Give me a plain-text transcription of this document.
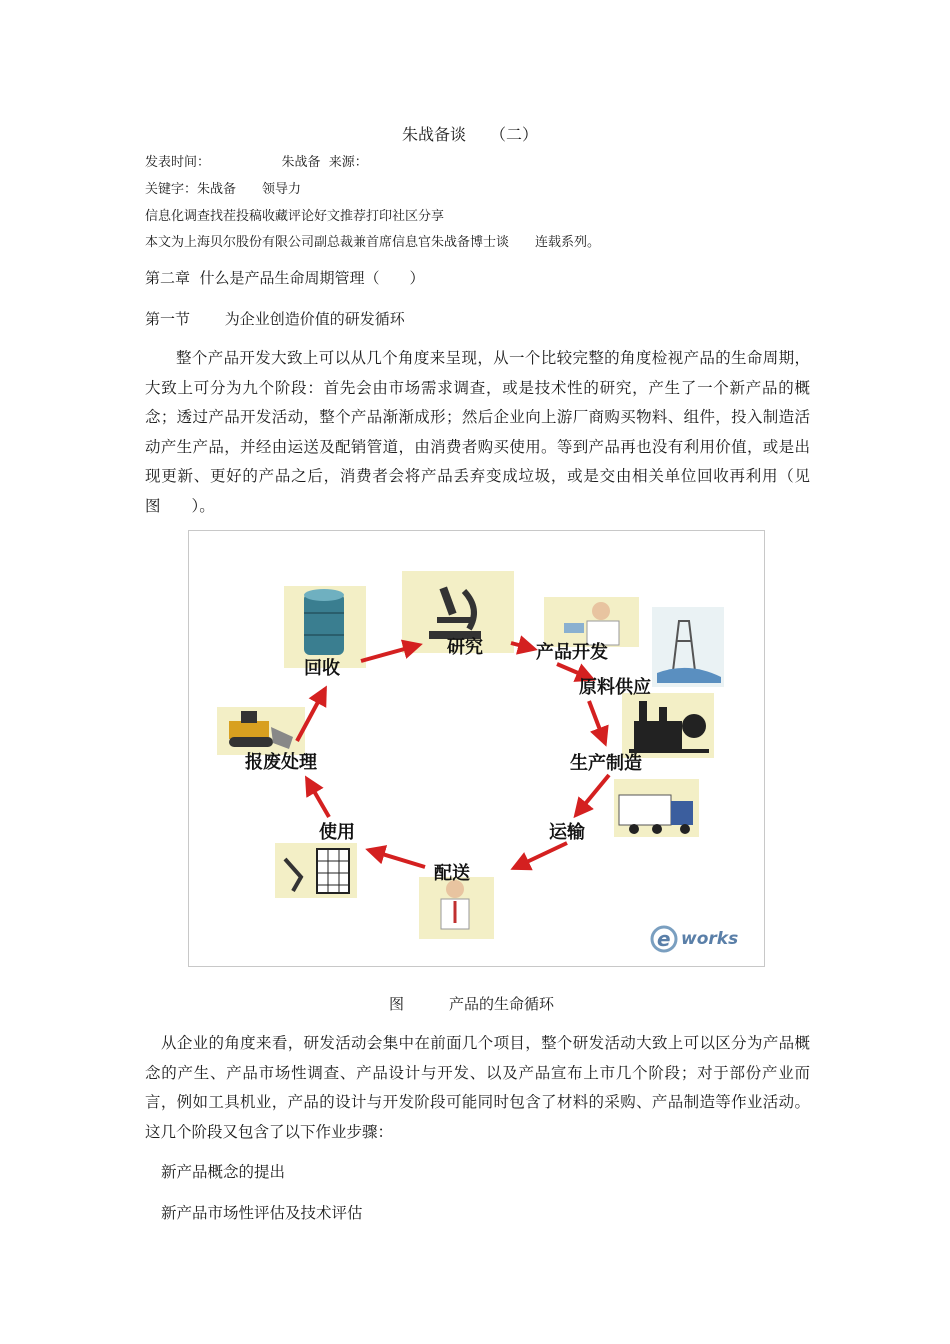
朱战备谈　　（二）
发表时间：　　　　　　朱战备  来源：
关键字：朱战备　　领导力
信息化调查找茬投稿收藏评论好文推荐打印社区分享
本文为上海贝尔股份有限公司副总裁兼首席信息官朱战备博士谈　　连载系列。
第二章  什么是产品生命周期管理（　　）
第一节　　 为企业创造价值的研发循环
整个产品开发大致上可以从几个角度来呈现，从一个比较完整的角度检视产品的生命周期，大致上可分为九个阶段：首先会由市场需求调查，或是技术性的研究，产生了一个新产品的概念；透过产品开发活动，整个产品渐渐成形；然后企业向上游厂商购买物料、组件，投入制造活动产生产品，并经由运送及配销管道，由消费者购买使用。等到产品再也没有利用价值，或是出现更新、更好的产品之后，消费者会将产品丢弃变成垃圾，或是交由相关单位回收再利用（见图　　）。
研究	产品开发
原料供应
生产制造
运输
配送
使用
报废处理
回收
e works
图　　　产品的生命循环
从企业的角度来看，研发活动会集中在前面几个项目，整个研发活动大致上可以区分为产品概念的产生、产品市场性调查、产品设计与开发、以及产品宣布上市几个阶段；对于部份产业而言，例如工具机业，产品的设计与开发阶段可能同时包含了材料的采购、产品制造等作业活动。这几个阶段又包含了以下作业步骤：
新产品概念的提出
新产品市场性评估及技术评估
